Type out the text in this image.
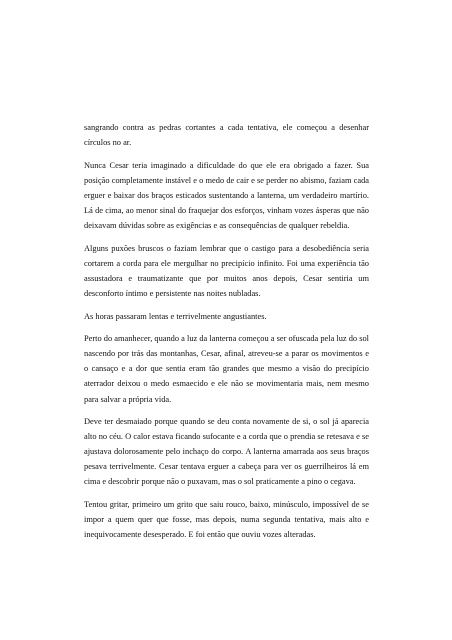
sangrando contra as pedras cortantes a cada tentativa, ele começou a desenhar círculos no ar.

Nunca Cesar teria imaginado a dificuldade do que ele era obrigado a fazer. Sua posição completamente instável e o medo de cair e se perder no abismo, faziam cada erguer e baixar dos braços esticados sustentando a lanterna, um verdadeiro martírio. Lá de cima, ao menor sinal do fraquejar dos esforços, vinham vozes ásperas que não deixavam dúvidas sobre as exigências e as consequências de qualquer rebeldia.

Alguns puxões bruscos o faziam lembrar que o castigo para a desobediência seria cortarem a corda para ele mergulhar no precipício infinito. Foi uma experiência tão assustadora e traumatizante que por muitos anos depois, Cesar sentiria um desconforto íntimo e persistente nas noites nubladas.

As horas passaram lentas e terrivelmente angustiantes.

Perto do amanhecer, quando a luz da lanterna começou a ser ofuscada pela luz do sol nascendo por trás das montanhas, Cesar, afinal, atreveu-se a parar os movimentos e o cansaço e a dor que sentia eram tão grandes que mesmo a visão do precipício aterrador deixou o medo esmaecido e ele não se movimentaria mais, nem mesmo para salvar a própria vida.

Deve ter desmaiado porque quando se deu conta novamente de si, o sol já aparecia alto no céu. O calor estava ficando sufocante e a corda que o prendia se retesava e se ajustava dolorosamente pelo inchaço do corpo. A lanterna amarrada aos seus braços pesava terrivelmente. Cesar tentava erguer a cabeça para ver os guerrilheiros lá em cima e descobrir porque não o puxavam, mas o sol praticamente a pino o cegava.

Tentou gritar, primeiro um grito que saiu rouco, baixo, minúsculo, impossível de se impor a quem quer que fosse, mas depois, numa segunda tentativa, mais alto e inequivocamente desesperado. E foi então que ouviu vozes alteradas.
